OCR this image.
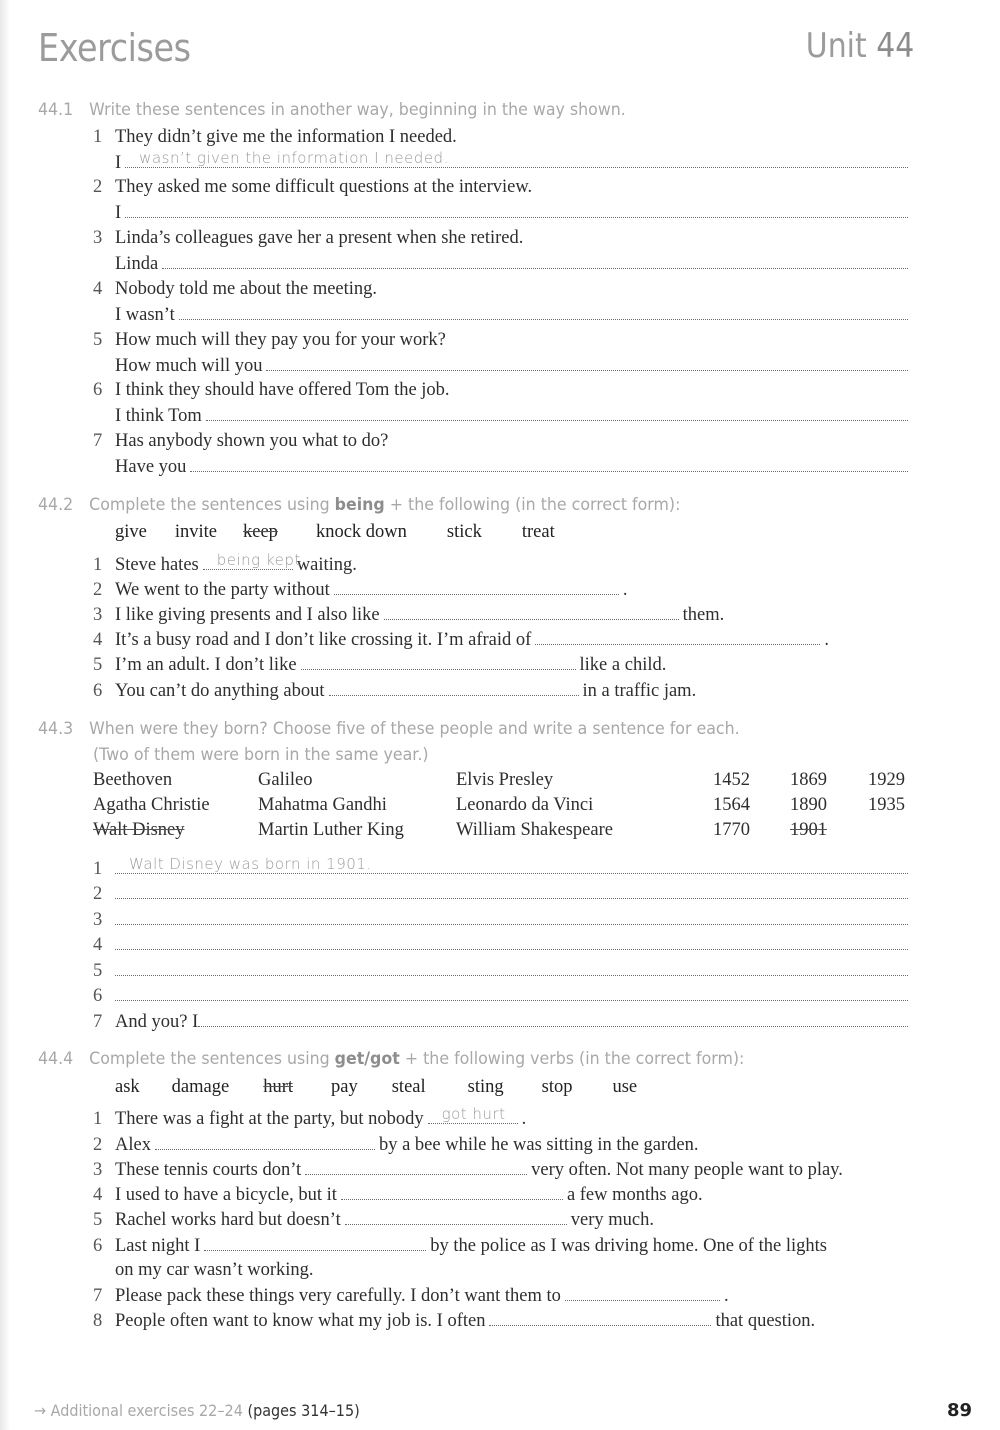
Exercises	Unit 44
44.1 Write these sentences in another way, beginning in the way shown.
1 They didn’t give me the information I needed.
I wasn’t given the information I needed.
2 They asked me some difficult questions at the interview.
I
3 Linda’s colleagues gave her a present when she retired.
Linda
4 Nobody told me about the meeting.
I wasn’t
5 How much will they pay you for your work?
How much will you
6 I think they should have offered Tom the job.
I think Tom
7 Has anybody shown you what to do?
Have you
44.2 Complete the sentences using being + the following (in the correct form):
give invite keep knock down stick treat
1 Steve hates being kept
waiting.
2 We went to the party without	.
3 I like giving presents and I also like	them.
4 It’s a busy road and I don’t like crossing it. I’m afraid of	.
5 I’m an adult. I don’t like	like a child.
6 You can’t do anything about	in a traffic jam.
44.3 When were they born? Choose five of these people and write a sentence for each.
(Two of them were born in the same year.)
Beethoven	Galileo	Elvis Presley	1452 1869 1929
Agatha Christie	Mahatma Gandhi	Leonardo da Vinci	1564 1890 1935
Walt Disney	Martin Luther King	William Shakespeare	1770 1901
1	Walt Disney was born in 1901.
2
3
4
5
6
7 And you? I
44.4 Complete the sentences using get/got + the following verbs (in the correct form):
ask damage hurt pay steal sting stop use
1 There was a fight at the party, but nobody got hurt .
2 Alex	by a bee while he was sitting in the garden.
3 These tennis courts don’t	very often. Not many people want to play.
4 I used to have a bicycle, but it	a few months ago.
5 Rachel works hard but doesn’t	very much.
6 Last night I	by the police as I was driving home. One of the lights
on my car wasn’t working.
7 Please pack these things very carefully. I don’t want them to	.
8 People often want to know what my job is. I often	that question.
→ Additional exercises 22–24 (pages 314–15)	89
